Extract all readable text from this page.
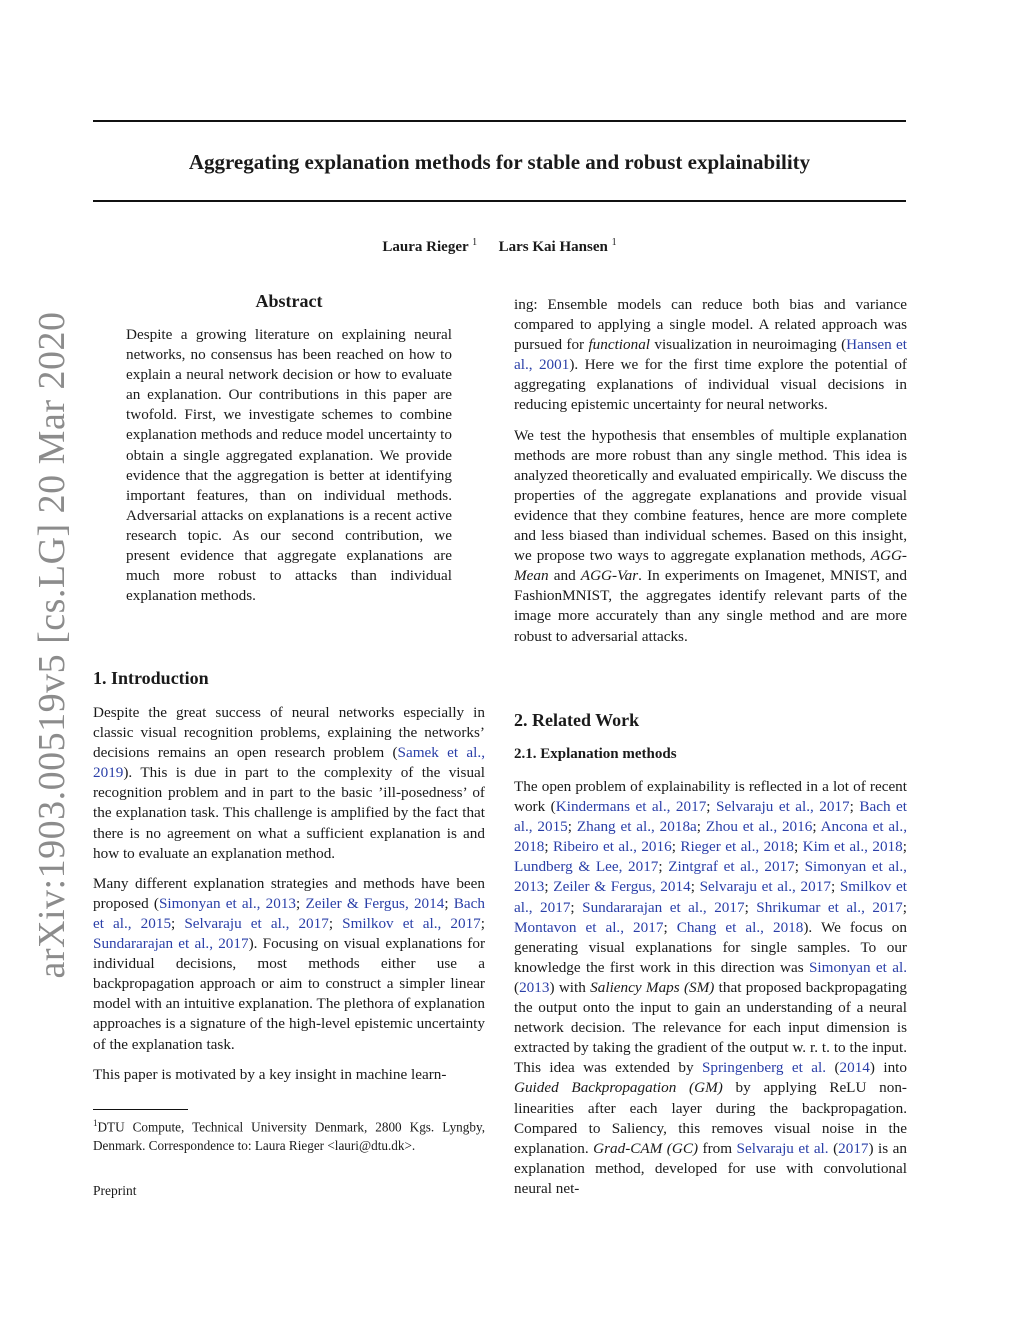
arXiv:1903.00519v5 [cs.LG] 20 Mar 2020
Aggregating explanation methods for stable and robust explainability
Laura Rieger $^1$ Lars Kai Hansen $^1$
Abstract

Despite a growing literature on explaining neural networks, no consensus has been reached on how to explain a neural network decision or how to evaluate an explanation. Our contributions in this paper are twofold. First, we investigate schemes to combine explanation methods and reduce model uncertainty to obtain a single aggregated explanation. We provide evidence that the aggregation is better at identifying important features, than on individual methods. Adversarial attacks on explanations is a recent active research topic. As our second contribution, we present evidence that aggregate explanations are much more robust to attacks than individual explanation methods.

1. Introduction

Despite the great success of neural networks especially in classic visual recognition problems, explaining the networks’ decisions remains an open research problem (Samek et al., 2019). This is due in part to the complexity of the visual recognition problem and in part to the basic ’ill-posedness’ of the explanation task. This challenge is amplified by the fact that there is no agreement on what a sufficient explanation is and how to evaluate an explanation method.

Many different explanation strategies and methods have been proposed (Simonyan et al., 2013; Zeiler & Fergus, 2014; Bach et al., 2015; Selvaraju et al., 2017; Smilkov et al., 2017; Sundararajan et al., 2017). Focusing on visual explanations for individual decisions, most methods either use a backpropagation approach or aim to construct a simpler linear model with an intuitive explanation. The plethora of explanation approaches is a signature of the high-level epistemic uncertainty of the explanation task.

This paper is motivated by a key insight in machine learn-

$^1$DTU Compute, Technical University Denmark, 2800 Kgs. Lyngby, Denmark. Correspondence to: Laura Rieger <lauri@dtu.dk>.

Preprint

ing: Ensemble models can reduce both bias and variance compared to applying a single model. A related approach was pursued for functional visualization in neuroimaging (Hansen et al., 2001). Here we for the first time explore the potential of aggregating explanations of individual visual decisions in reducing epistemic uncertainty for neural networks.

We test the hypothesis that ensembles of multiple explanation methods are more robust than any single method. This idea is analyzed theoretically and evaluated empirically. We discuss the properties of the aggregate explanations and provide visual evidence that they combine features, hence are more complete and less biased than individual schemes. Based on this insight, we propose two ways to aggregate explanation methods, AGG-Mean and AGG-Var. In experiments on Imagenet, MNIST, and FashionMNIST, the aggregates identify relevant parts of the image more accurately than any single method and are more robust to adversarial attacks.

2. Related Work
2.1. Explanation methods

The open problem of explainability is reflected in a lot of recent work (Kindermans et al., 2017; Selvaraju et al., 2017; Bach et al., 2015; Zhang et al., 2018a; Zhou et al., 2016; Ancona et al., 2018; Ribeiro et al., 2016; Rieger et al., 2018; Kim et al., 2018; Lundberg & Lee, 2017; Zintgraf et al., 2017; Simonyan et al., 2013; Zeiler & Fergus, 2014; Selvaraju et al., 2017; Smilkov et al., 2017; Sundararajan et al., 2017; Shrikumar et al., 2017; Montavon et al., 2017; Chang et al., 2018). We focus on generating visual explanations for single samples. To our knowledge the first work in this direction was Simonyan et al. (2013) with Saliency Maps (SM) that proposed backpropagating the output onto the input to gain an understanding of a neural network decision. The relevance for each input dimension is extracted by taking the gradient of the output w. r. t. to the input. This idea was extended by Springenberg et al. (2014) into Guided Backpropagation (GM) by applying ReLU non-linearities after each layer during the backpropagation. Compared to Saliency, this removes visual noise in the explanation. Grad-CAM (GC) from Selvaraju et al. (2017) is an explanation method, developed for use with convolutional neural net-
